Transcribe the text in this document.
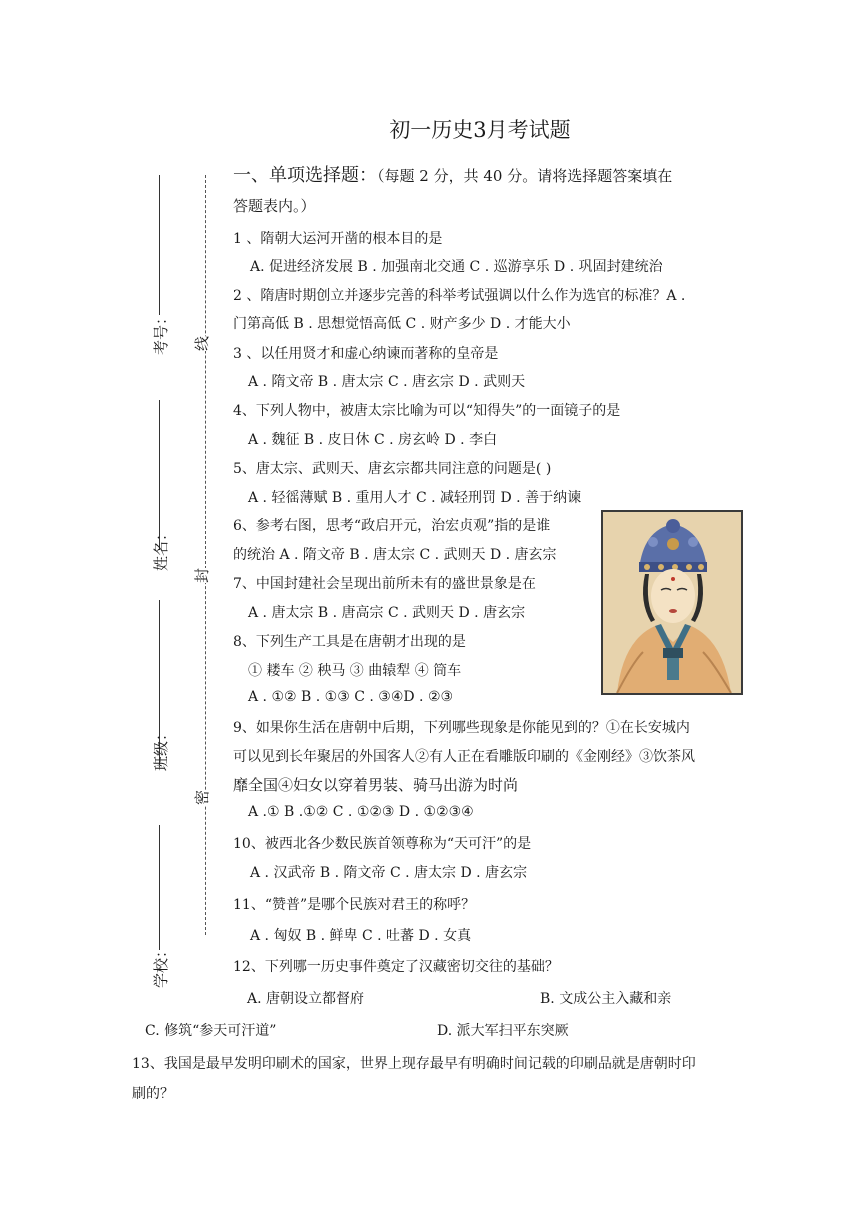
初一历史3月考试题
一、单项选择题：（每题 2 分，共 40 分。请将选择题答案填在
答题表内。）
考号：
姓名：
班级：
学校：
线
封
密
1 、隋朝大运河开凿的根本目的是
A. 促进经济发展 B . 加强南北交通 C . 巡游享乐 D . 巩固封建统治
2 、隋唐时期创立并逐步完善的科举考试强调以什么作为选官的标准？A .
门第高低 B . 思想觉悟高低 C . 财产多少 D . 才能大小
3 、以任用贤才和虚心纳谏而著称的皇帝是
A . 隋文帝 B . 唐太宗 C . 唐玄宗 D . 武则天
4、下列人物中，被唐太宗比喻为可以“知得失”的一面镜子的是
A . 魏征 B . 皮日休 C . 房玄岭 D . 李白
5、唐太宗、武则天、唐玄宗都共同注意的问题是( )
A . 轻徭薄赋 B . 重用人才 C . 减轻刑罚 D . 善于纳谏
6、参考右图，思考“政启开元，治宏贞观”指的是谁
的统治 A . 隋文帝 B . 唐太宗 C . 武则天 D . 唐玄宗
7、中国封建社会呈现出前所未有的盛世景象是在
A . 唐太宗 B . 唐高宗 C . 武则天 D . 唐玄宗
8、下列生产工具是在唐朝才出现的是
① 耧车 ② 秧马 ③ 曲辕犁 ④ 筒车
A . ①② B . ①③ C . ③④D . ②③
9、如果你生活在唐朝中后期，下列哪些现象是你能见到的？①在长安城内
可以见到长年聚居的外国客人②有人正在看雕版印刷的《金刚经》③饮茶风
靡全国④妇女以穿着男装、骑马出游为时尚
A .① B .①② C . ①②③ D . ①②③④
10、被西北各少数民族首领尊称为“天可汗”的是
A . 汉武帝 B . 隋文帝 C . 唐太宗 D . 唐玄宗
11、“赞普”是哪个民族对君王的称呼？
A . 匈奴 B . 鲜卑 C . 吐蕃 D . 女真
12、下列哪一历史事件奠定了汉藏密切交往的基础？
A. 唐朝设立都督府	B. 文成公主入藏和亲
C. 修筑“参天可汗道”	D. 派大军扫平东突厥
13、我国是最早发明印刷术的国家，世界上现存最早有明确时间记载的印刷品就是唐朝时印
刷的？
